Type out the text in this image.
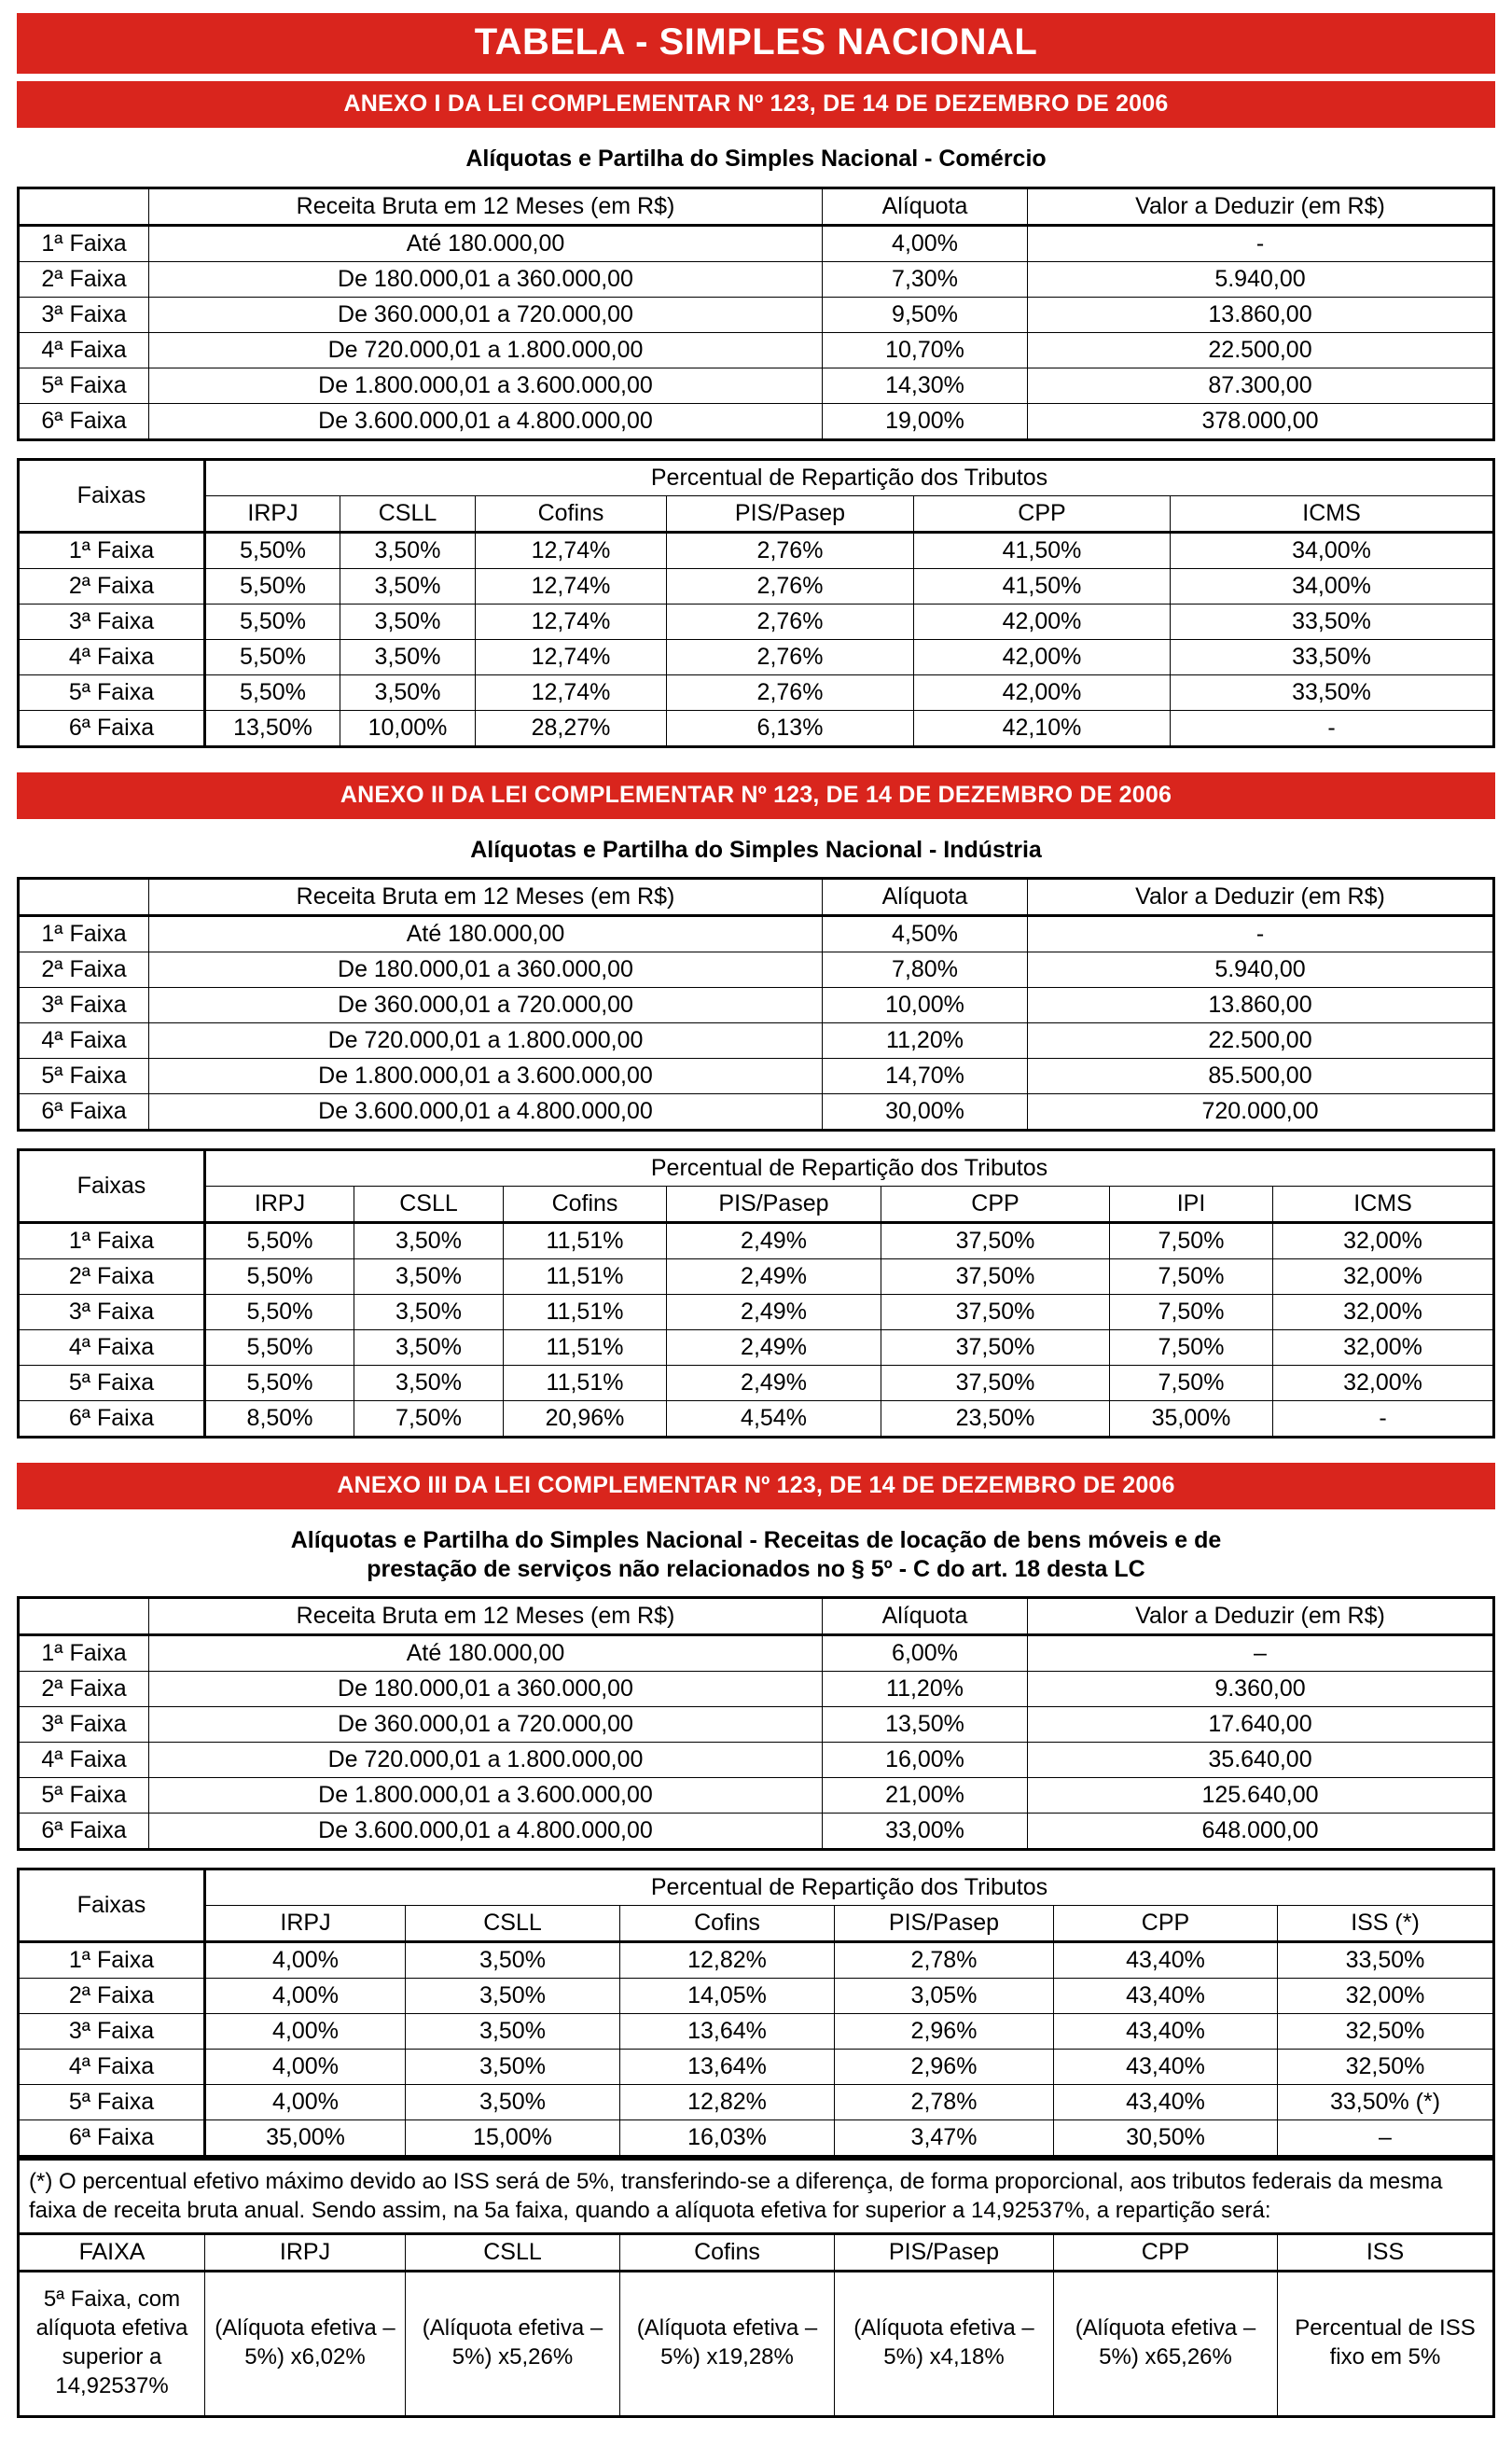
TABELA - SIMPLES NACIONAL
ANEXO I DA LEI COMPLEMENTAR Nº 123, DE 14 DE DEZEMBRO DE 2006
Alíquotas e Partilha do Simples Nacional - Comércio
	Receita Bruta em 12 Meses (em R$)	Alíquota	Valor a Deduzir (em R$)
1ª Faixa	Até 180.000,00	4,00%	-
2ª Faixa	De 180.000,01 a 360.000,00	7,30%	5.940,00
3ª Faixa	De 360.000,01 a 720.000,00	9,50%	13.860,00
4ª Faixa	De 720.000,01 a 1.800.000,00	10,70%	22.500,00
5ª Faixa	De 1.800.000,01 a 3.600.000,00	14,30%	87.300,00
6ª Faixa	De 3.600.000,01 a 4.800.000,00	19,00%	378.000,00
Faixas	Percentual de Repartição dos Tributos					
	IRPJ	CSLL	Cofins	PIS/Pasep	CPP	ICMS
1ª Faixa	5,50%	3,50%	12,74%	2,76%	41,50%	34,00%
2ª Faixa	5,50%	3,50%	12,74%	2,76%	41,50%	34,00%
3ª Faixa	5,50%	3,50%	12,74%	2,76%	42,00%	33,50%
4ª Faixa	5,50%	3,50%	12,74%	2,76%	42,00%	33,50%
5ª Faixa	5,50%	3,50%	12,74%	2,76%	42,00%	33,50%
6ª Faixa	13,50%	10,00%	28,27%	6,13%	42,10%	-
ANEXO II DA LEI COMPLEMENTAR Nº 123, DE 14 DE DEZEMBRO DE 2006
Alíquotas e Partilha do Simples Nacional - Indústria
	Receita Bruta em 12 Meses (em R$)	Alíquota	Valor a Deduzir (em R$)
1ª Faixa	Até 180.000,00	4,50%	-
2ª Faixa	De 180.000,01 a 360.000,00	7,80%	5.940,00
3ª Faixa	De 360.000,01 a 720.000,00	10,00%	13.860,00
4ª Faixa	De 720.000,01 a 1.800.000,00	11,20%	22.500,00
5ª Faixa	De 1.800.000,01 a 3.600.000,00	14,70%	85.500,00
6ª Faixa	De 3.600.000,01 a 4.800.000,00	30,00%	720.000,00
Faixas	Percentual de Repartição dos Tributos						
	IRPJ	CSLL	Cofins	PIS/Pasep	CPP	IPI	ICMS
1ª Faixa	5,50%	3,50%	11,51%	2,49%	37,50%	7,50%	32,00%
2ª Faixa	5,50%	3,50%	11,51%	2,49%	37,50%	7,50%	32,00%
3ª Faixa	5,50%	3,50%	11,51%	2,49%	37,50%	7,50%	32,00%
4ª Faixa	5,50%	3,50%	11,51%	2,49%	37,50%	7,50%	32,00%
5ª Faixa	5,50%	3,50%	11,51%	2,49%	37,50%	7,50%	32,00%
6ª Faixa	8,50%	7,50%	20,96%	4,54%	23,50%	35,00%	-
ANEXO III DA LEI COMPLEMENTAR Nº 123, DE 14 DE DEZEMBRO DE 2006
Alíquotas e Partilha do Simples Nacional - Receitas de locação de bens móveis e de
prestação de serviços não relacionados no § 5º - C do art. 18 desta LC
	Receita Bruta em 12 Meses (em R$)	Alíquota	Valor a Deduzir (em R$)
1ª Faixa	Até 180.000,00	6,00%	–
2ª Faixa	De 180.000,01 a 360.000,00	11,20%	9.360,00
3ª Faixa	De 360.000,01 a 720.000,00	13,50%	17.640,00
4ª Faixa	De 720.000,01 a 1.800.000,00	16,00%	35.640,00
5ª Faixa	De 1.800.000,01 a 3.600.000,00	21,00%	125.640,00
6ª Faixa	De 3.600.000,01 a 4.800.000,00	33,00%	648.000,00
Faixas	Percentual de Repartição dos Tributos					
	IRPJ	CSLL	Cofins	PIS/Pasep	CPP	ISS (*)
1ª Faixa	4,00%	3,50%	12,82%	2,78%	43,40%	33,50%
2ª Faixa	4,00%	3,50%	14,05%	3,05%	43,40%	32,00%
3ª Faixa	4,00%	3,50%	13,64%	2,96%	43,40%	32,50%
4ª Faixa	4,00%	3,50%	13,64%	2,96%	43,40%	32,50%
5ª Faixa	4,00%	3,50%	12,82%	2,78%	43,40%	33,50% (*)
6ª Faixa	35,00%	15,00%	16,03%	3,47%	30,50%	–
(*) O percentual efetivo máximo devido ao ISS será de 5%, transferindo-se a diferença, de forma proporcional, aos tributos federais da mesma faixa de receita bruta anual. Sendo assim, na 5a faixa, quando a alíquota efetiva for superior a 14,92537%, a repartição será:
FAIXA	IRPJ	CSLL	Cofins	PIS/Pasep	CPP	ISS
5ª Faixa, com alíquota efetiva superior a 14,92537%	(Alíquota efetiva – 5%) x6,02%	(Alíquota efetiva – 5%) x5,26%	(Alíquota efetiva – 5%) x19,28%	(Alíquota efetiva – 5%) x4,18%	(Alíquota efetiva – 5%) x65,26%	Percentual de ISS fixo em 5%
